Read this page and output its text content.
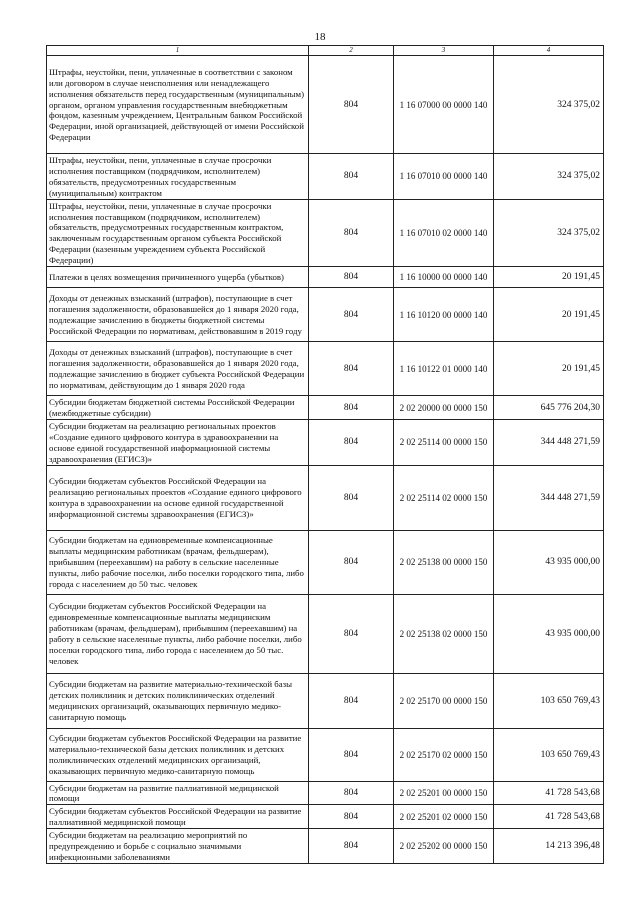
18
1	2	3	4
Штрафы, неустойки, пени, уплаченные в соответствии с законом или договором в случае неисполнения или ненадлежащего исполнения обязательств перед государственным (муниципальным) органом, органом управления государственным внебюджетным фондом, казенным учреждением, Центральным банком Российской Федерации, иной организацией, действующей от имени Российской Федерации	804	1 16 07000 00 0000 140	324 375,02
Штрафы, неустойки, пени, уплаченные в случае просрочки исполнения поставщиком (подрядчиком, исполнителем) обязательств, предусмотренных государственным (муниципальным) контрактом	804	1 16 07010 00 0000 140	324 375,02
Штрафы, неустойки, пени, уплаченные в случае просрочки исполнения поставщиком (подрядчиком, исполнителем) обязательств, предусмотренных государственным контрактом, заключенным государственным органом субъекта Российской Федерации (казенным учреждением субъекта Российской Федерации)	804	1 16 07010 02 0000 140	324 375,02
Платежи в целях возмещения причиненного ущерба (убытков)	804	1 16 10000 00 0000 140	20 191,45
Доходы от денежных взысканий (штрафов), поступающие в счет погашения задолженности, образовавшейся до 1 января 2020 года, подлежащие зачислению в бюджеты бюджетной системы Российской Федерации по нормативам, действовавшим в 2019 году	804	1 16 10120 00 0000 140	20 191,45
Доходы от денежных взысканий (штрафов), поступающие в счет погашения задолженности, образовавшейся до 1 января 2020 года, подлежащие зачислению в бюджет субъекта Российской Федерации по нормативам, действующим до 1 января 2020 года	804	1 16 10122 01 0000 140	20 191,45
Субсидии бюджетам бюджетной системы Российской Федерации (межбюджетные субсидии)	804	2 02 20000 00 0000 150	645 776 204,30
Субсидии бюджетам на реализацию региональных проектов «Создание единого цифрового контура в здравоохранении на основе единой государственной информационной системы здравоохранения (ЕГИСЗ)»	804	2 02 25114 00 0000 150	344 448 271,59
Субсидии бюджетам субъектов Российской Федерации на реализацию региональных проектов «Создание единого цифрового контура в здравоохранении на основе единой государственной информационной системы здравоохранения (ЕГИСЗ)»	804	2 02 25114 02 0000 150	344 448 271,59
Субсидии бюджетам на единовременные компенсационные выплаты медицинским работникам (врачам, фельдшерам), прибывшим (переехавшим) на работу в сельские населенные пункты, либо рабочие поселки, либо поселки городского типа, либо города с населением до 50 тыс. человек	804	2 02 25138 00 0000 150	43 935 000,00
Субсидии бюджетам субъектов Российской Федерации на единовременные компенсационные выплаты медицинским работникам (врачам, фельдшерам), прибывшим (переехавшим) на работу в сельские населенные пункты, либо рабочие поселки, либо поселки городского типа, либо города с населением до 50 тыс. человек	804	2 02 25138 02 0000 150	43 935 000,00
Субсидии бюджетам на развитие материально-технической базы детских поликлиник и детских поликлинических отделений медицинских организаций, оказывающих первичную медико-санитарную помощь	804	2 02 25170 00 0000 150	103 650 769,43
Субсидии бюджетам субъектов Российской Федерации на развитие материально-технической базы детских поликлиник и детских поликлинических отделений медицинских организаций, оказывающих первичную медико-санитарную помощь	804	2 02 25170 02 0000 150	103 650 769,43
Субсидии бюджетам на развитие паллиативной медицинской помощи	804	2 02 25201 00 0000 150	41 728 543,68
Субсидии бюджетам субъектов Российской Федерации на развитие паллиативной медицинской помощи	804	2 02 25201 02 0000 150	41 728 543,68
Субсидии бюджетам на реализацию мероприятий по предупреждению и борьбе с социально значимыми инфекционными заболеваниями	804	2 02 25202 00 0000 150	14 213 396,48
